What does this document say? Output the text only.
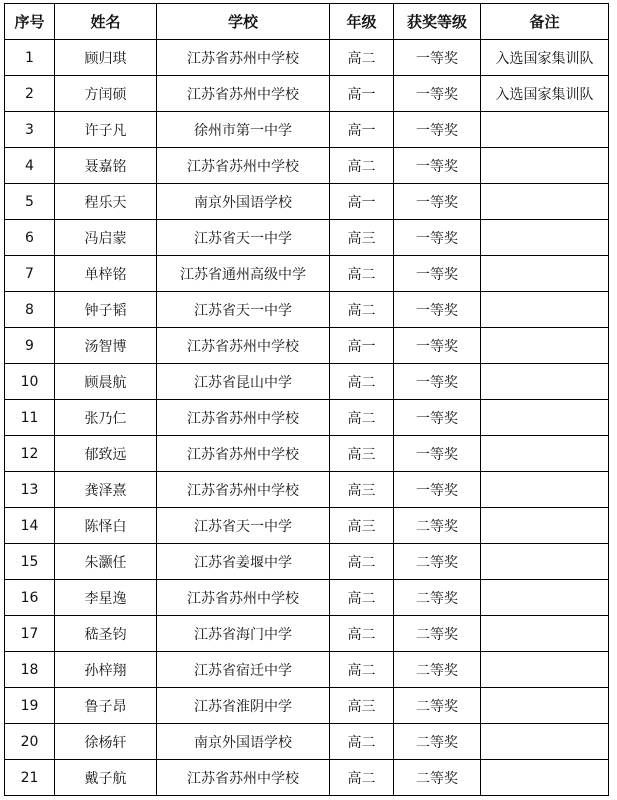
序号	姓名	学校	年级	获奖等级	备注
1	顾归琪	江苏省苏州中学校	高二	一等奖	入选国家集训队
2	方闰硕	江苏省苏州中学校	高一	一等奖	入选国家集训队
3	许子凡	徐州市第一中学	高一	一等奖	
4	聂嘉铭	江苏省苏州中学校	高二	一等奖	
5	程乐天	南京外国语学校	高一	一等奖	
6	冯启蒙	江苏省天一中学	高三	一等奖	
7	单梓铭	江苏省通州高级中学	高二	一等奖	
8	钟子韬	江苏省天一中学	高二	一等奖	
9	汤智博	江苏省苏州中学校	高一	一等奖	
10	顾晨航	江苏省昆山中学	高二	一等奖	
11	张乃仁	江苏省苏州中学校	高二	一等奖	
12	郁致远	江苏省苏州中学校	高三	一等奖	
13	龚泽熹	江苏省苏州中学校	高三	一等奖	
14	陈怿白	江苏省天一中学	高三	二等奖	
15	朱灏任	江苏省姜堰中学	高二	二等奖	
16	李星逸	江苏省苏州中学校	高二	二等奖	
17	嵇圣钧	江苏省海门中学	高二	二等奖	
18	孙梓翔	江苏省宿迁中学	高二	二等奖	
19	鲁子昂	江苏省淮阴中学	高三	二等奖	
20	徐杨轩	南京外国语学校	高二	二等奖	
21	戴子航	江苏省苏州中学校	高二	二等奖	
